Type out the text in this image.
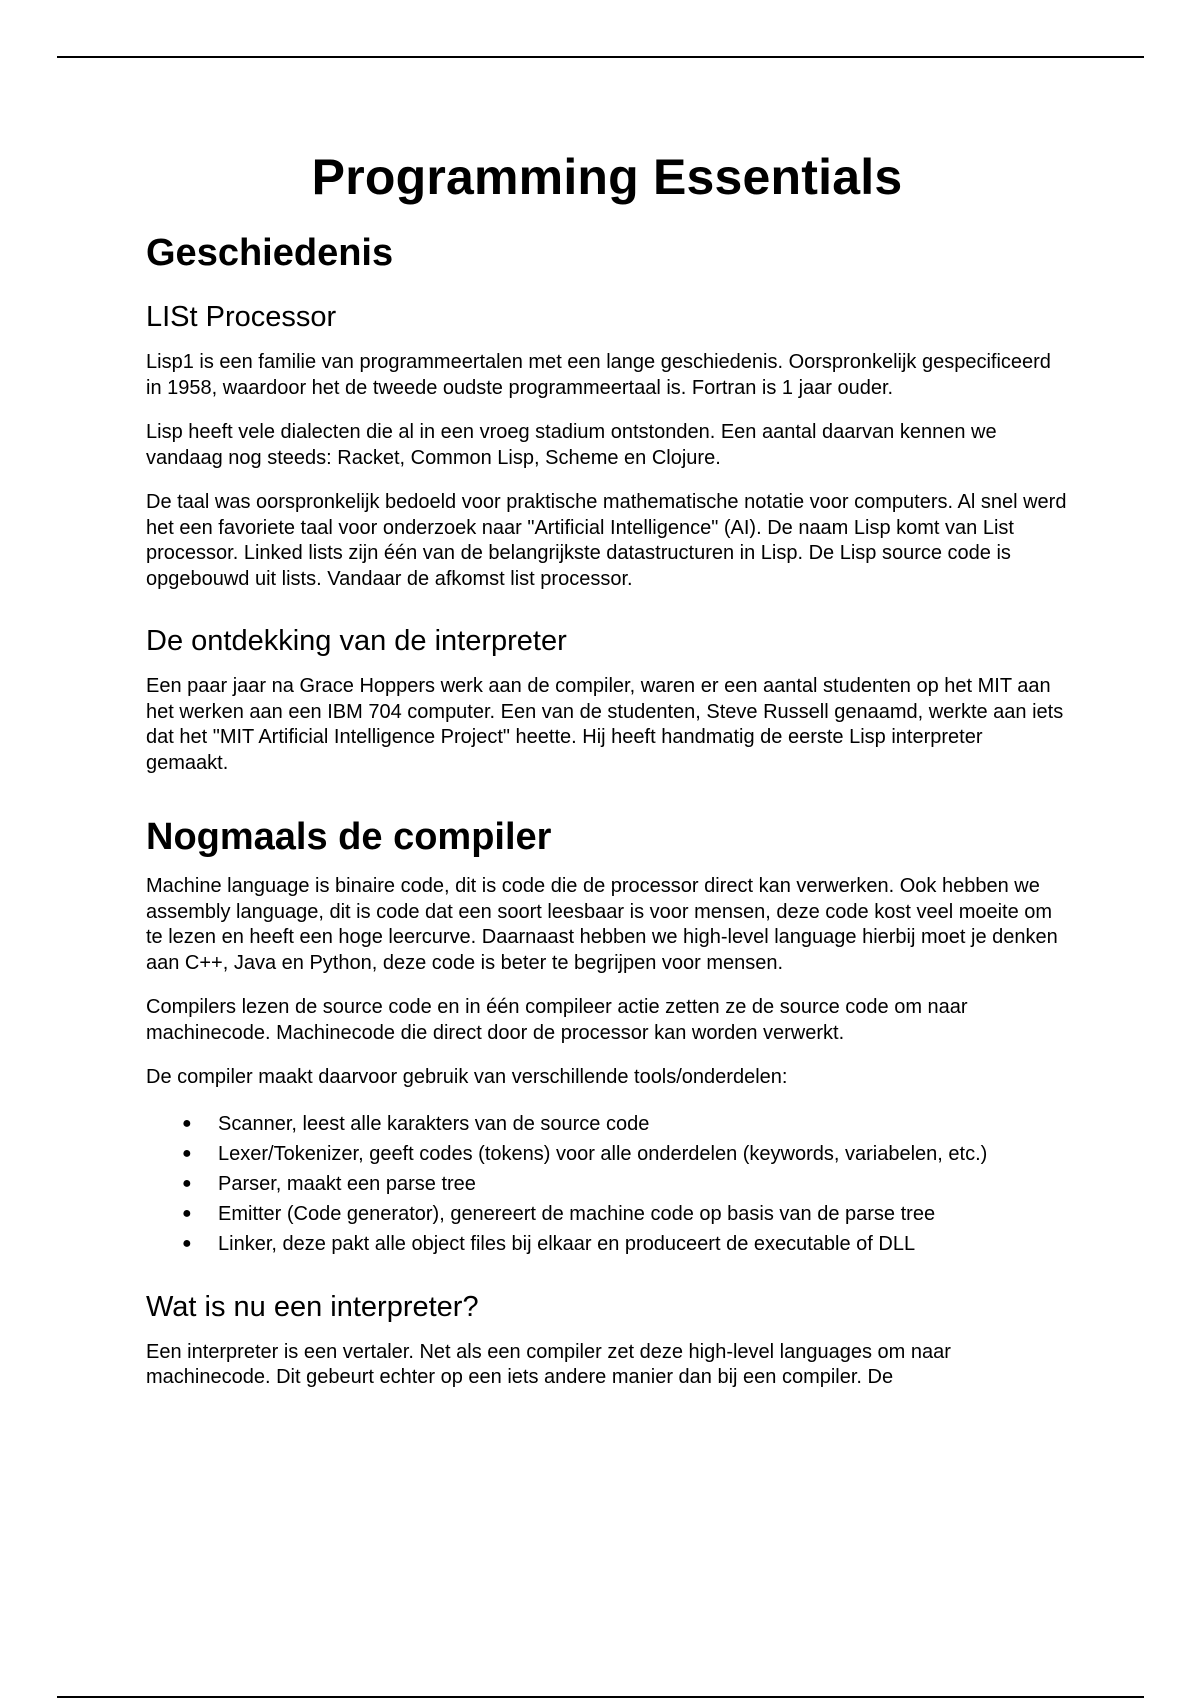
Programming Essentials
Geschiedenis
LISt Processor

Lisp1 is een familie van programmeertalen met een lange geschiedenis. Oorspronkelijk gespecificeerd in 1958, waardoor het de tweede oudste programmeertaal is. Fortran is 1 jaar ouder.

Lisp heeft vele dialecten die al in een vroeg stadium ontstonden. Een aantal daarvan kennen we vandaag nog steeds: Racket, Common Lisp, Scheme en Clojure.

De taal was oorspronkelijk bedoeld voor praktische mathematische notatie voor computers. Al snel werd het een favoriete taal voor onderzoek naar "Artificial Intelligence" (AI). De naam Lisp komt van List processor. Linked lists zijn één van de belangrijkste datastructuren in Lisp. De Lisp source code is opgebouwd uit lists. Vandaar de afkomst list processor.

De ontdekking van de interpreter

Een paar jaar na Grace Hoppers werk aan de compiler, waren er een aantal studenten op het MIT aan het werken aan een IBM 704 computer. Een van de studenten, Steve Russell genaamd, werkte aan iets dat het "MIT Artificial Intelligence Project" heette. Hij heeft handmatig de eerste Lisp interpreter gemaakt.

Nogmaals de compiler

Machine language is binaire code, dit is code die de processor direct kan verwerken. Ook hebben we assembly language, dit is code dat een soort leesbaar is voor mensen, deze code kost veel moeite om te lezen en heeft een hoge leercurve. Daarnaast hebben we high-level language hierbij moet je denken aan C++, Java en Python, deze code is beter te begrijpen voor mensen.

Compilers lezen de source code en in één compileer actie zetten ze de source code om naar machinecode. Machinecode die direct door de processor kan worden verwerkt.

De compiler maakt daarvoor gebruik van verschillende tools/onderdelen:

● Scanner, leest alle karakters van de source code
● Lexer/Tokenizer, geeft codes (tokens) voor alle onderdelen (keywords, variabelen, etc.)
● Parser, maakt een parse tree
● Emitter (Code generator), genereert de machine code op basis van de parse tree
● Linker, deze pakt alle object files bij elkaar en produceert de executable of DLL
Wat is nu een interpreter?

Een interpreter is een vertaler. Net als een compiler zet deze high-level languages om naar machinecode. Dit gebeurt echter op een iets andere manier dan bij een compiler. De
